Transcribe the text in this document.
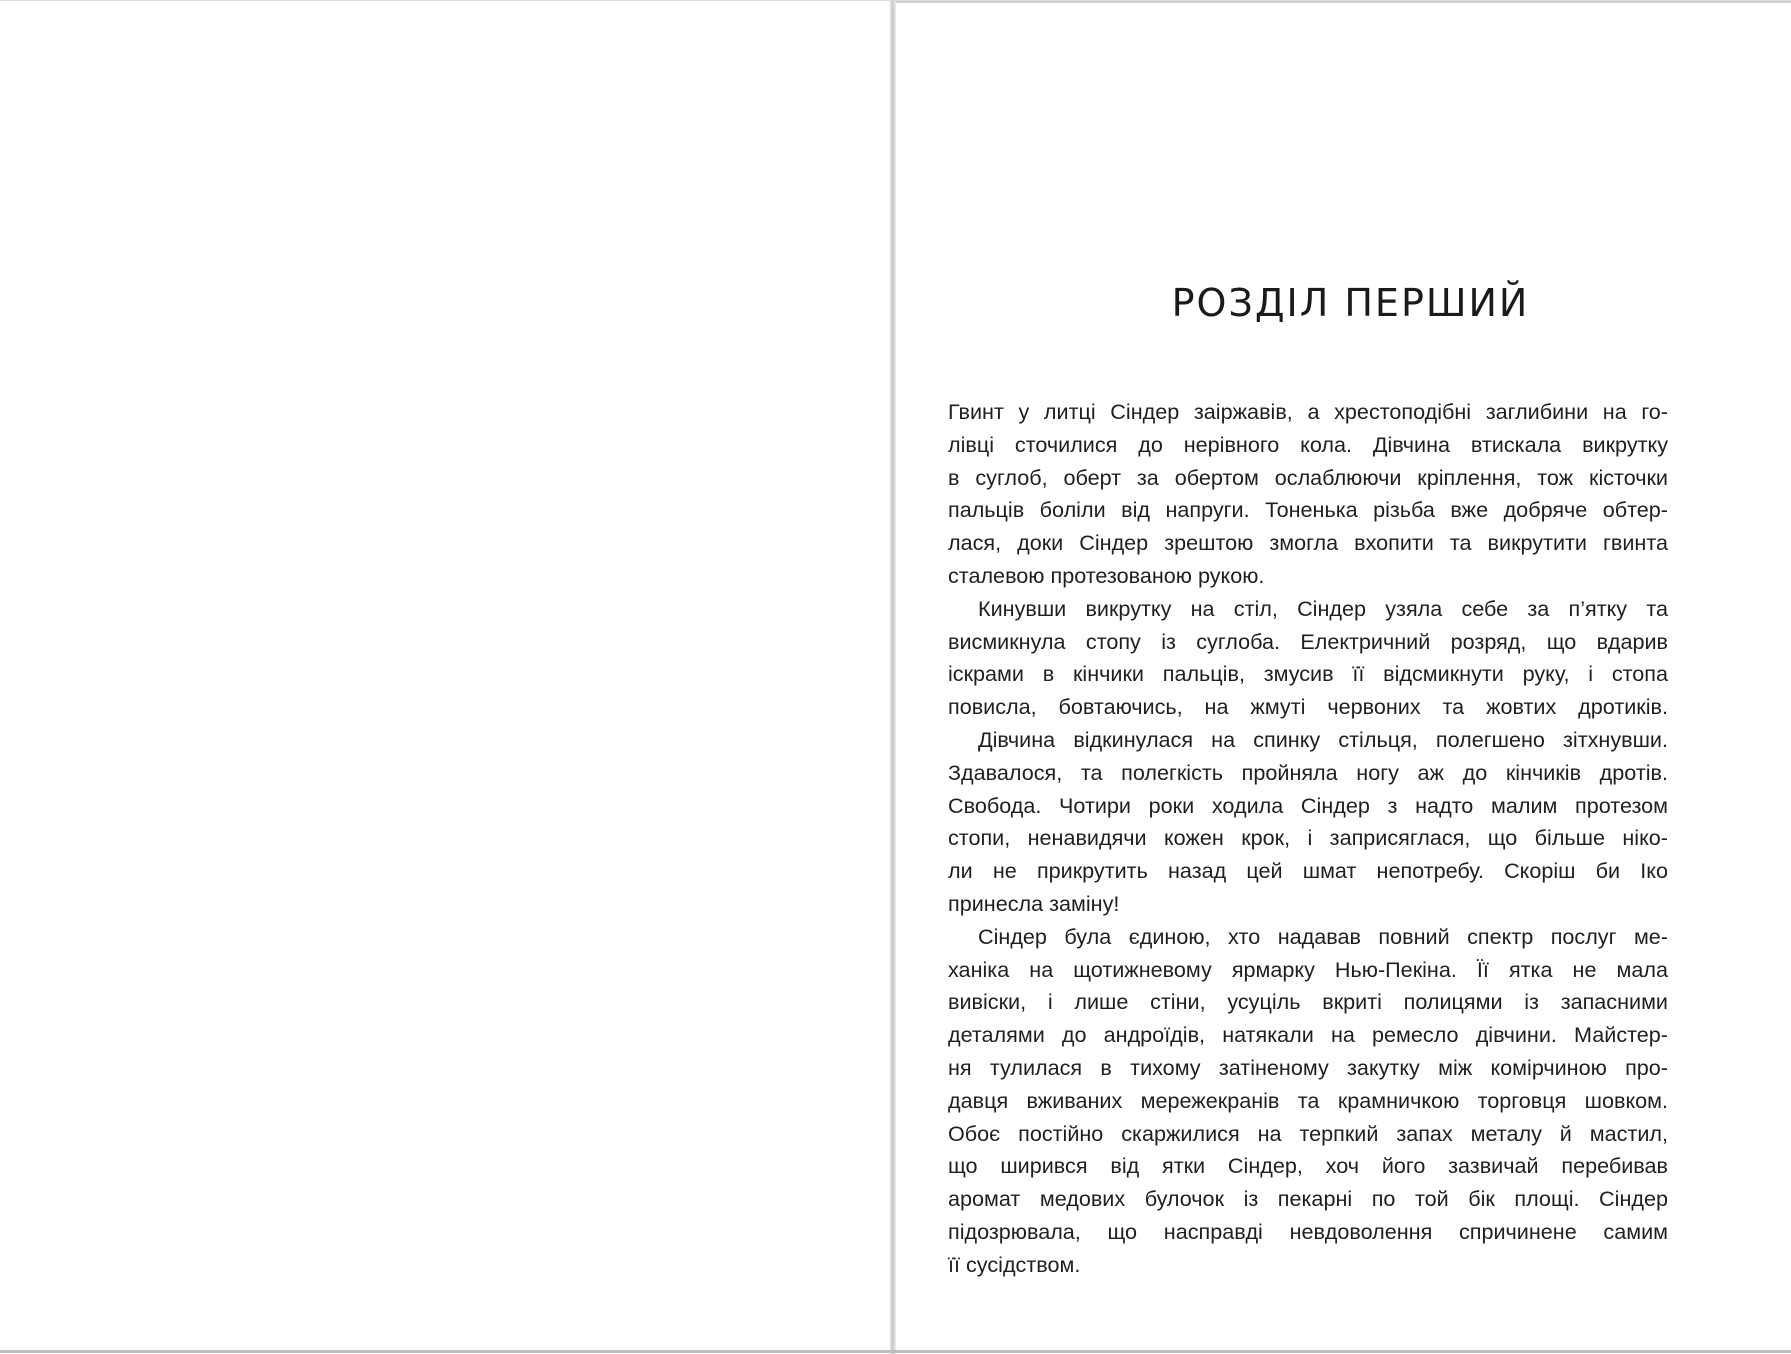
РОЗДІЛ ПЕРШИЙ

Гвинт у литці Сіндер заіржавів, а хрестоподібні заглибини на го-
лівці сточилися до нерівного кола. Дівчина втискала викрутку
в суглоб, оберт за обертом ослаблюючи кріплення, тож кісточки
пальців боліли від напруги. Тоненька різьба вже добряче обтер-
лася, доки Сіндер зрештою змогла вхопити та викрутити гвинта
сталевою протезованою рукою.

Кинувши викрутку на стіл, Сіндер узяла себе за п’ятку та
висмикнула стопу із суглоба. Електричний розряд, що вдарив
іскрами в кінчики пальців, змусив її відсмикнути руку, і стопа
повисла, бовтаючись, на жмуті червоних та жовтих дротиків.

Дівчина відкинулася на спинку стільця, полегшено зітхнувши.
Здавалося, та полегкість пройняла ногу аж до кінчиків дротів.
Свобода. Чотири роки ходила Сіндер з надто малим протезом
стопи, ненавидячи кожен крок, і заприсяглася, що більше ніко-
ли не прикрутить назад цей шмат непотребу. Скоріш би Іко
принесла заміну!

Сіндер була єдиною, хто надавав повний спектр послуг ме-
ханіка на щотижневому ярмарку Нью-Пекіна. Її ятка не мала
вивіски, і лише стіни, усуціль вкриті полицями із запасними
деталями до андроїдів, натякали на ремесло дівчини. Майстер-
ня тулилася в тихому затіненому закутку між комірчиною про-
давця вживаних мережекранів та крамничкою торговця шовком.
Обоє постійно скаржилися на терпкий запах металу й мастил,
що ширився від ятки Сіндер, хоч його зазвичай перебивав
аромат медових булочок із пекарні по той бік площі. Сіндер
підозрювала, що насправді невдоволення спричинене самим
її сусідством.
